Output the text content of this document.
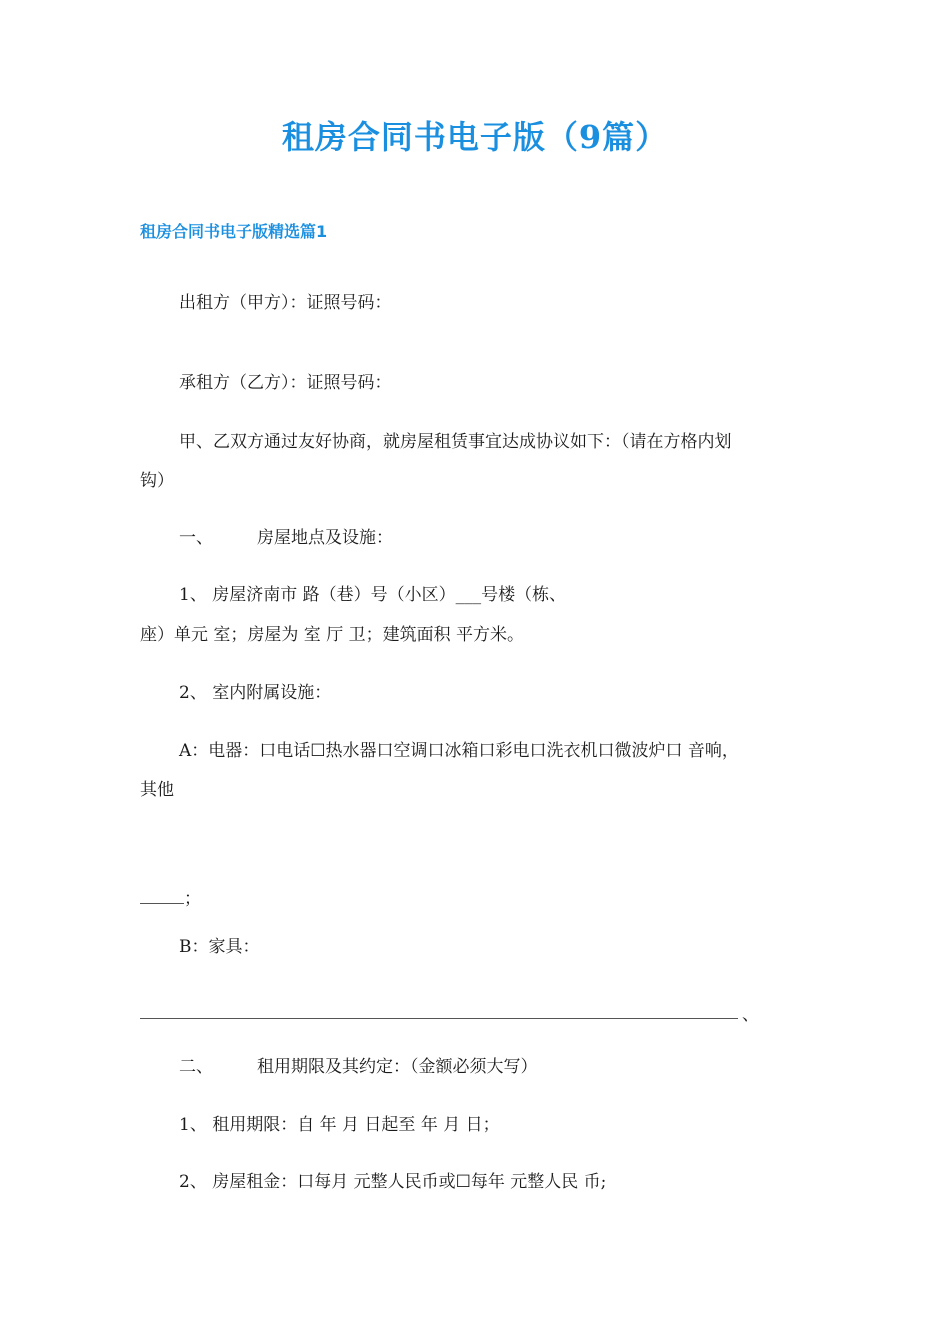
租房合同书电子版（9篇）
租房合同书电子版精选篇1
出租方（甲方）：证照号码：
承租方（乙方）：证照号码：
甲、乙双方通过友好协商，就房屋租赁事宜达成协议如下：（请在方格内划
钩）
一、	房屋地点及设施：
1、 房屋济南市 路（巷）号（小区）___号楼（栋、
座）单元 室；房屋为 室 厅 卫；建筑面积 平方米。
2、 室内附属设施：
A：电器：口电话☐热水器口空调口冰箱口彩电口洗衣机口微波炉口 音响，
其他
；
B：家具：
、
二、	租用期限及其约定：（金额必须大写）
1、 租用期限：自 年 月 日起至 年 月 日；
2、 房屋租金：口每月 元整人民币或☐每年 元整人民 币;
